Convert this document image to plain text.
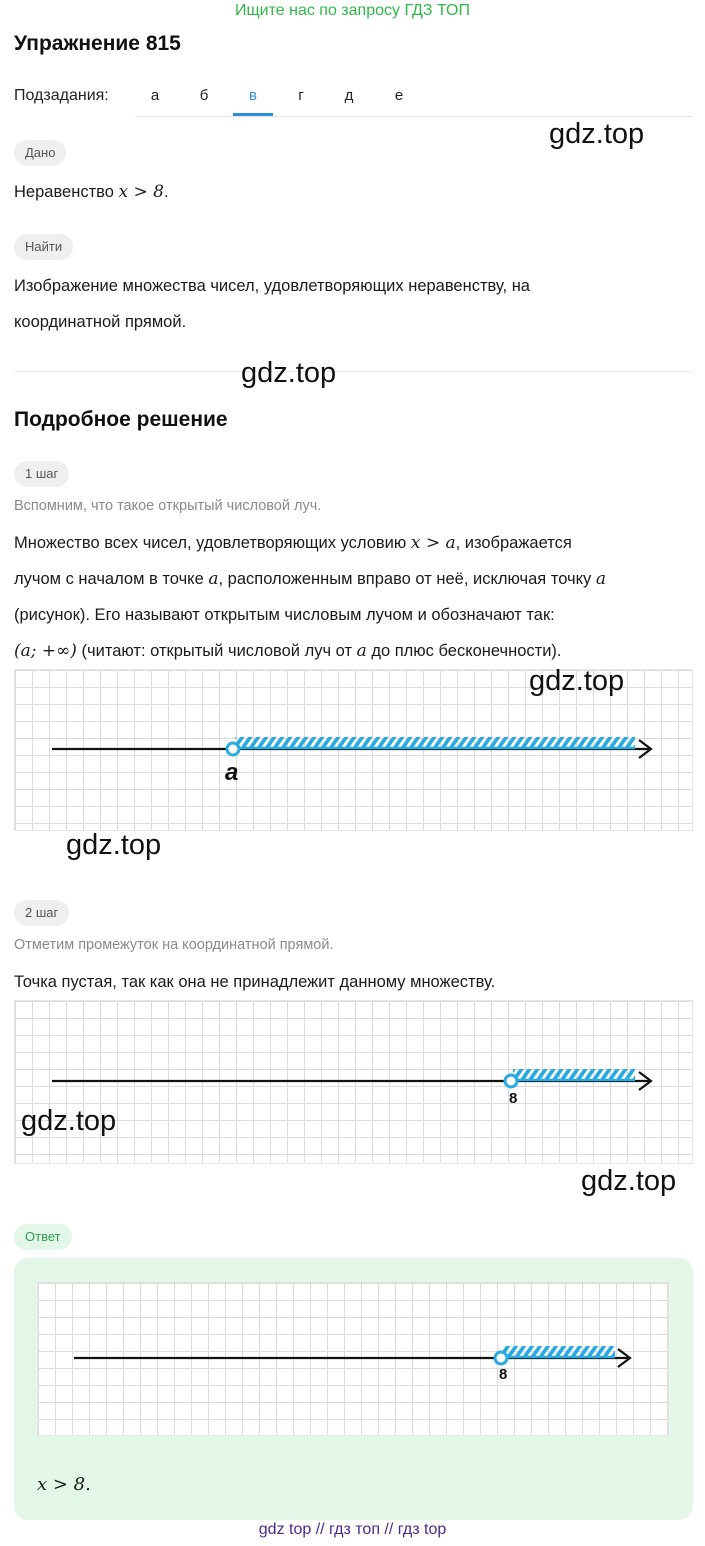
Ищите нас по запросу ГДЗ ТОП
Упражнение 815
Подзадания:	а	б	в	г	д	е
gdz.top
Дано
Неравенство x > 8.
Найти
Изображение множества чисел, удовлетворяющих неравенству, на
координатной прямой.
gdz.top
Подробное решение
1 шаг
Вспомним, что такое открытый числовой луч.
Множество всех чисел, удовлетворяющих условию x > a, изображается
лучом с началом в точке a, расположенным вправо от неё, исключая точку a
(рисунок). Его называют открытым числовым лучом и обозначают так:
(a; +∞) (читают: открытый числовой луч от a до плюс бесконечности).
a
gdz.top
gdz.top
2 шаг
Отметим промежуток на координатной прямой.
Точка пустая, так как она не принадлежит данному множеству.
8
gdz.top
gdz.top
Ответ
8
x > 8.
gdz top // гдз топ // гдз top
